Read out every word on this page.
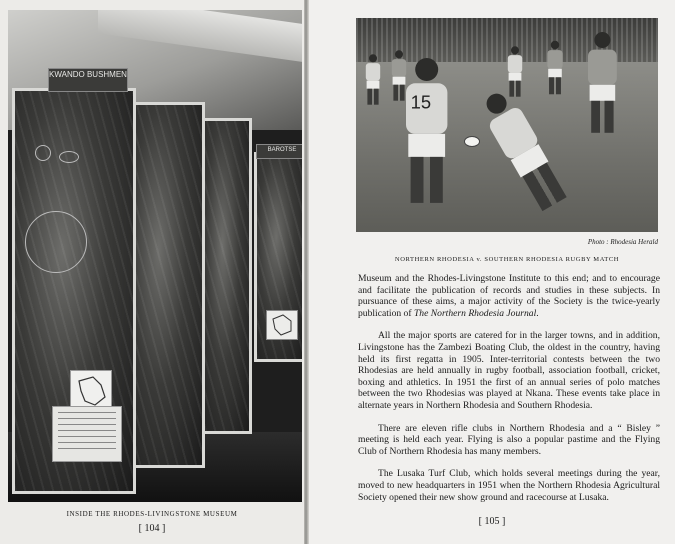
KWANDO BUSHMEN
BAROTSE
INSIDE THE RHODES-LIVINGSTONE MUSEUM
[ 104 ]
15
Photo : Rhodesia Herald
NORTHERN RHODESIA v. SOUTHERN RHODESIA RUGBY MATCH

Museum and the Rhodes-Livingstone Institute to this end; and to encourage and facilitate the publication of records and studies in these subjects. In pursuance of these aims, a major activity of the Society is the twice-yearly publication of The Northern Rhodesia Journal.

All the major sports are catered for in the larger towns, and in addition, Livingstone has the Zambezi Boating Club, the oldest in the country, having held its first regatta in 1905. Inter-territorial contests between the two Rhodesias are held annually in rugby football, association football, cricket, boxing and athletics. In 1951 the first of an annual series of polo matches between the two Rhodesias was played at Nkana. These events take place in alternate years in Northern Rhodesia and Southern Rhodesia.

There are eleven rifle clubs in Northern Rhodesia and a “ Bisley ” meeting is held each year. Flying is also a popular pastime and the Flying Club of Northern Rhodesia has many members.

The Lusaka Turf Club, which holds several meetings during the year, moved to new headquarters in 1951 when the Northern Rhodesia Agricultural Society opened their new show ground and racecourse at Lusaka.

[ 105 ]
